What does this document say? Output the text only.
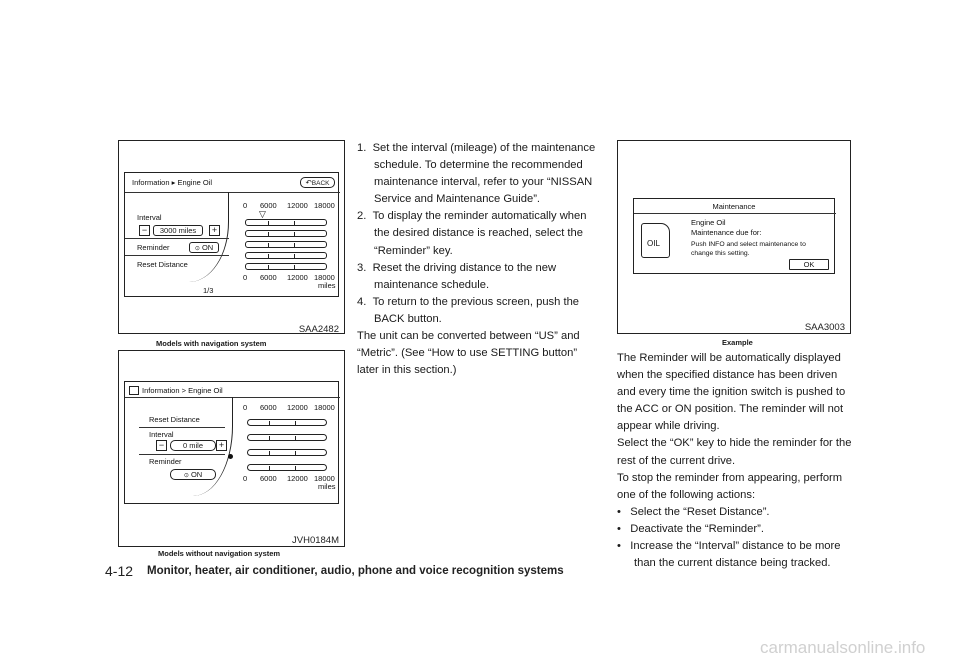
Information ▸ Engine Oil	↶BACK
Interval
−	3000 miles	+
Reminder	⊙ ON
Reset Distance
1/3
0 6000 12000 18000
▽
0 6000 12000 18000
miles
SAA2482
Models with navigation system
Information > Engine Oil
Reset Distance
Interval
−	0 mile	+
Reminder
⊙ ON
0 6000 12000 18000
0 6000 12000 18000
miles
JVH0184M
Models without navigation system

1. Set the interval (mileage) of the maintenance schedule. To determine the recommended maintenance interval, refer to your “NISSAN Service and Maintenance Guide”.

2. To display the reminder automatically when the desired distance is reached, select the “Reminder” key.

3. Reset the driving distance to the new maintenance schedule.

4. To return to the previous screen, push the BACK button.

The unit can be converted between “US” and “Metric”. (See “How to use SETTING button” later in this section.)

Maintenance
OIL
Engine Oil
Maintenance due for:
Push INFO and select maintenance to
change this setting.
OK
SAA3003
Example

The Reminder will be automatically displayed when the specified distance has been driven and every time the ignition switch is pushed to the ACC or ON position. The reminder will not appear while driving.

Select the “OK” key to hide the reminder for the rest of the current drive.

To stop the reminder from appearing, perform one of the following actions:

• Select the “Reset Distance”.

• Deactivate the “Reminder”.

• Increase the “Interval” distance to be more than the current distance being tracked.

4-12 Monitor, heater, air conditioner, audio, phone and voice recognition systems
carmanualsonline.info
